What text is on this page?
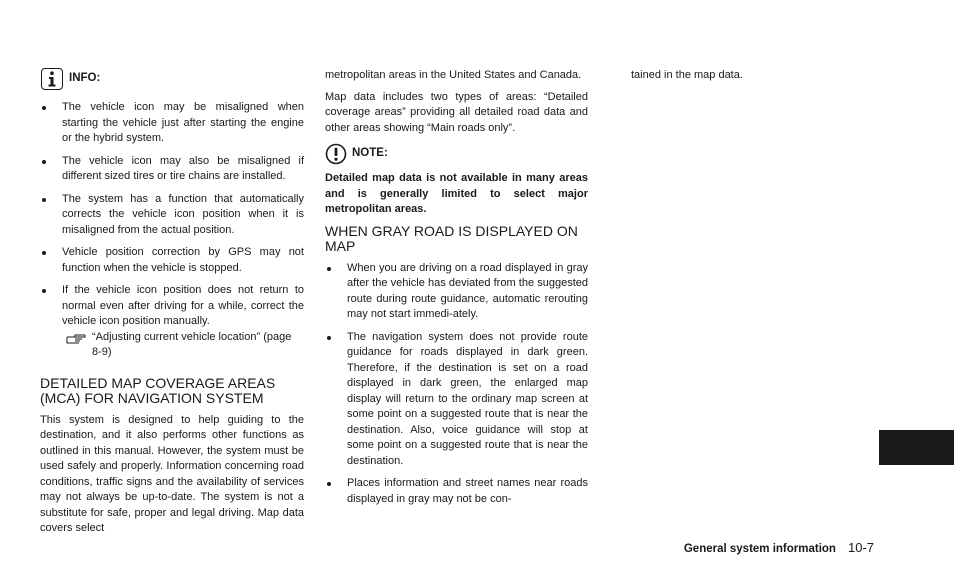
INFO:
The vehicle icon may be misaligned when starting the vehicle just after starting the engine or the hybrid system.
The vehicle icon may also be misaligned if different sized tires or tire chains are installed.
The system has a function that automatically corrects the vehicle icon position when it is misaligned from the actual position.
Vehicle position correction by GPS may not function when the vehicle is stopped.
If the vehicle icon position does not return to normal even after driving for a while, correct the vehicle icon position manually.
“Adjusting current vehicle location” (page 8-9)
DETAILED MAP COVERAGE AREAS (MCA) FOR NAVIGATION SYSTEM

This system is designed to help guiding to the destination, and it also performs other functions as outlined in this manual. However, the system must be used safely and properly. Information concerning road conditions, traffic signs and the availability of services may not always be up-to-date. The system is not a substitute for safe, proper and legal driving. Map data covers select

metropolitan areas in the United States and Canada.

Map data includes two types of areas: “Detailed coverage areas” providing all detailed road data and other areas showing “Main roads only”.

NOTE:

Detailed map data is not available in many areas and is generally limited to select major metropolitan areas.

WHEN GRAY ROAD IS DISPLAYED ON MAP
When you are driving on a road displayed in gray after the vehicle has deviated from the suggested route during route guidance, automatic rerouting may not start immedi-ately.
The navigation system does not provide route guidance for roads displayed in dark green. Therefore, if the destination is set on a road displayed in dark green, the enlarged map display will return to the ordinary map screen at some point on a suggested route that is near the destination. Also, voice guidance will stop at some point on a suggested route that is near the destination.
Places information and street names near roads displayed in gray may not be con-

tained in the map data.

General system information 10-7
